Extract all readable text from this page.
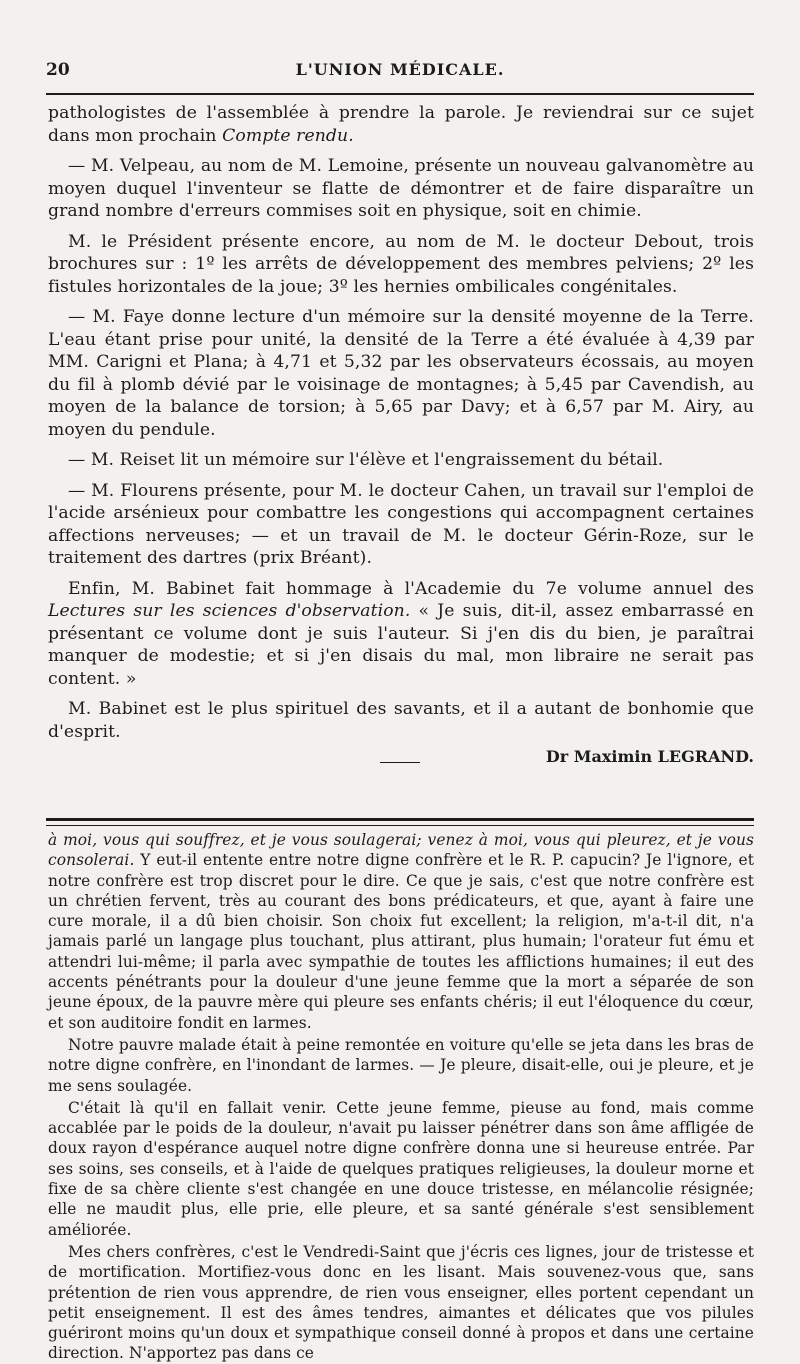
20	L'UNION MÉDICALE.

pathologistes de l'assemblée à prendre la parole. Je reviendrai sur ce sujet dans mon prochain Compte rendu.

— M. Velpeau, au nom de M. Lemoine, présente un nouveau galvanomètre au moyen duquel l'inventeur se flatte de démontrer et de faire disparaître un grand nombre d'erreurs commises soit en physique, soit en chimie.

M. le Président présente encore, au nom de M. le docteur Debout, trois brochures sur : 1º les arrêts de développement des membres pelviens; 2º les fistules horizontales de la joue; 3º les hernies ombilicales congénitales.

— M. Faye donne lecture d'un mémoire sur la densité moyenne de la Terre. L'eau étant prise pour unité, la densité de la Terre a été évaluée à 4,39 par MM. Carigni et Plana; à 4,71 et 5,32 par les observateurs écossais, au moyen du fil à plomb dévié par le voisinage de montagnes; à 5,45 par Cavendish, au moyen de la balance de torsion; à 5,65 par Davy; et à 6,57 par M. Airy, au moyen du pendule.

— M. Reiset lit un mémoire sur l'élève et l'engraissement du bétail.

— M. Flourens présente, pour M. le docteur Cahen, un travail sur l'emploi de l'acide arsénieux pour combattre les congestions qui accompagnent certaines affections nerveuses; — et un travail de M. le docteur Gérin-Roze, sur le traitement des dartres (prix Bréant).

Enfin, M. Babinet fait hommage à l'Academie du 7e volume annuel des Lectures sur les sciences d'observation. « Je suis, dit-il, assez embarrassé en présentant ce volume dont je suis l'auteur. Si j'en dis du bien, je paraîtrai manquer de modestie; et si j'en disais du mal, mon libraire ne serait pas content. »

M. Babinet est le plus spirituel des savants, et il a autant de bonhomie que d'esprit.

Dr Maximin LEGRAND.

à moi, vous qui souffrez, et je vous soulagerai; venez à moi, vous qui pleurez, et je vous consolerai. Y eut-il entente entre notre digne confrère et le R. P. capucin? Je l'ignore, et notre confrère est trop discret pour le dire. Ce que je sais, c'est que notre confrère est un chrétien fervent, très au courant des bons prédicateurs, et que, ayant à faire une cure morale, il a dû bien choisir. Son choix fut excellent; la religion, m'a-t-il dit, n'a jamais parlé un langage plus touchant, plus attirant, plus humain; l'orateur fut ému et attendri lui-même; il parla avec sympathie de toutes les afflictions humaines; il eut des accents pénétrants pour la douleur d'une jeune femme que la mort a séparée de son jeune époux, de la pauvre mère qui pleure ses enfants chéris; il eut l'éloquence du cœur, et son auditoire fondit en larmes.

Notre pauvre malade était à peine remontée en voiture qu'elle se jeta dans les bras de notre digne confrère, en l'inondant de larmes. — Je pleure, disait-elle, oui je pleure, et je me sens soulagée.

C'était là qu'il en fallait venir. Cette jeune femme, pieuse au fond, mais comme accablée par le poids de la douleur, n'avait pu laisser pénétrer dans son âme affligée de doux rayon d'espérance auquel notre digne confrère donna une si heureuse entrée. Par ses soins, ses conseils, et à l'aide de quelques pratiques religieuses, la douleur morne et fixe de sa chère cliente s'est changée en une douce tristesse, en mélancolie résignée; elle ne maudit plus, elle prie, elle pleure, et sa santé générale s'est sensiblement améliorée.

Mes chers confrères, c'est le Vendredi-Saint que j'écris ces lignes, jour de tristesse et de mortification. Mortifiez-vous donc en les lisant. Mais souvenez-vous que, sans prétention de rien vous apprendre, de rien vous enseigner, elles portent cependant un petit enseignement. Il est des âmes tendres, aimantes et délicates que vos pilules guériront moins qu'un doux et sympathique conseil donné à propos et dans une certaine direction. N'apportez pas dans ce
